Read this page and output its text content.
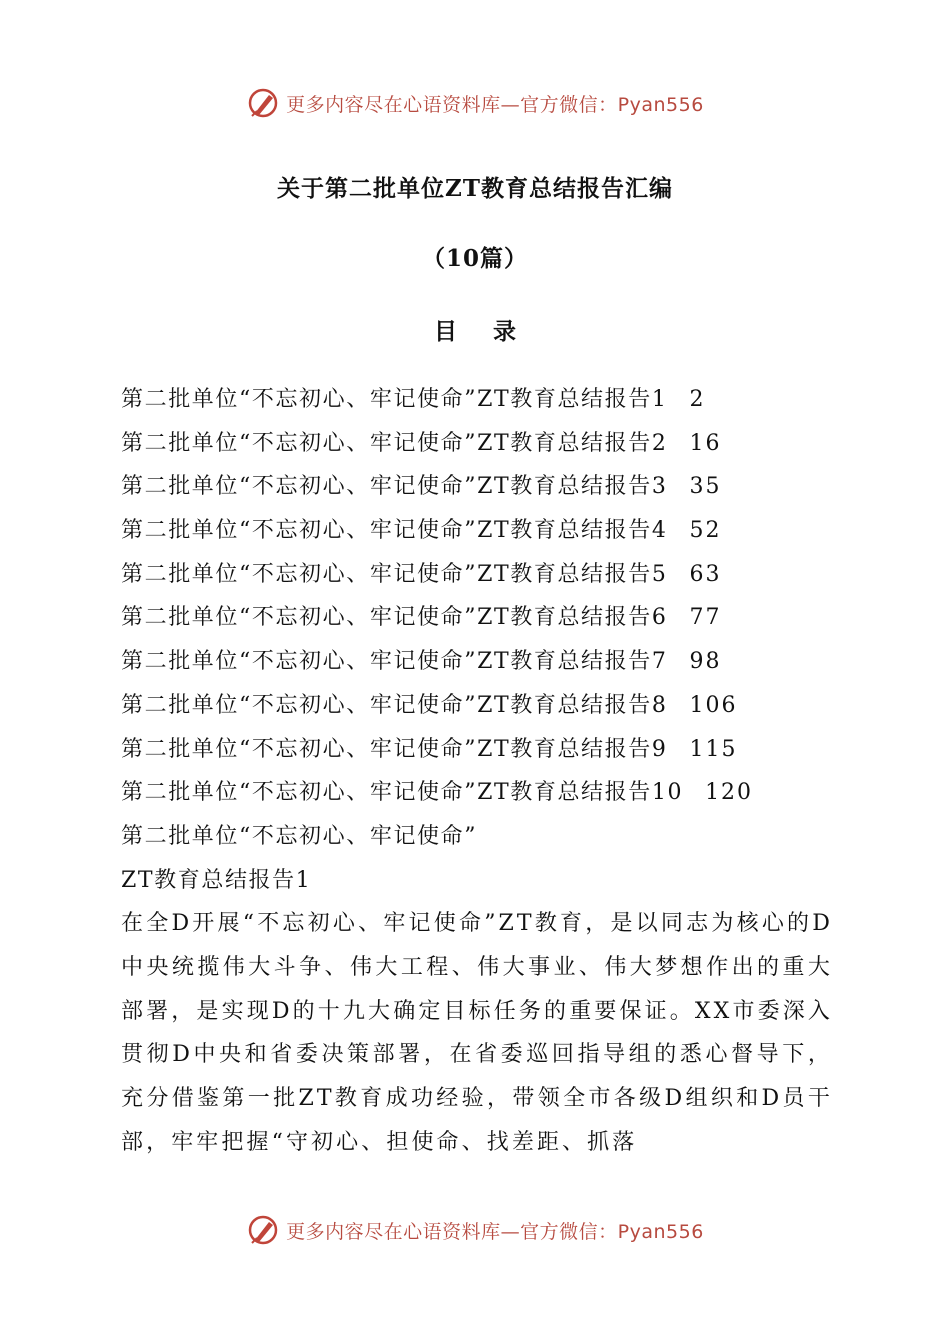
更多内容尽在心语资料库—官方微信：Pyan556
关于第二批单位ZT教育总结报告汇编
（10篇）
目 录
第二批单位“不忘初心、牢记使命”ZT教育总结报告1 2
第二批单位“不忘初心、牢记使命”ZT教育总结报告2 16
第二批单位“不忘初心、牢记使命”ZT教育总结报告3 35
第二批单位“不忘初心、牢记使命”ZT教育总结报告4 52
第二批单位“不忘初心、牢记使命”ZT教育总结报告5 63
第二批单位“不忘初心、牢记使命”ZT教育总结报告6 77
第二批单位“不忘初心、牢记使命”ZT教育总结报告7 98
第二批单位“不忘初心、牢记使命”ZT教育总结报告8 106
第二批单位“不忘初心、牢记使命”ZT教育总结报告9 115
第二批单位“不忘初心、牢记使命”ZT教育总结报告10 120
第二批单位“不忘初心、牢记使命”
ZT教育总结报告1
在全D开展“不忘初心、牢记使命”ZT教育，是以同志为核心的D中央统揽伟大斗争、伟大工程、伟大事业、伟大梦想作出的重大部署，是实现D的十九大确定目标任务的重要保证。XX市委深入贯彻D中央和省委决策部署，在省委巡回指导组的悉心督导下，充分借鉴第一批ZT教育成功经验，带领全市各级D组织和D员干部，牢牢把握“守初心、担使命、找差距、抓落
更多内容尽在心语资料库—官方微信：Pyan556
